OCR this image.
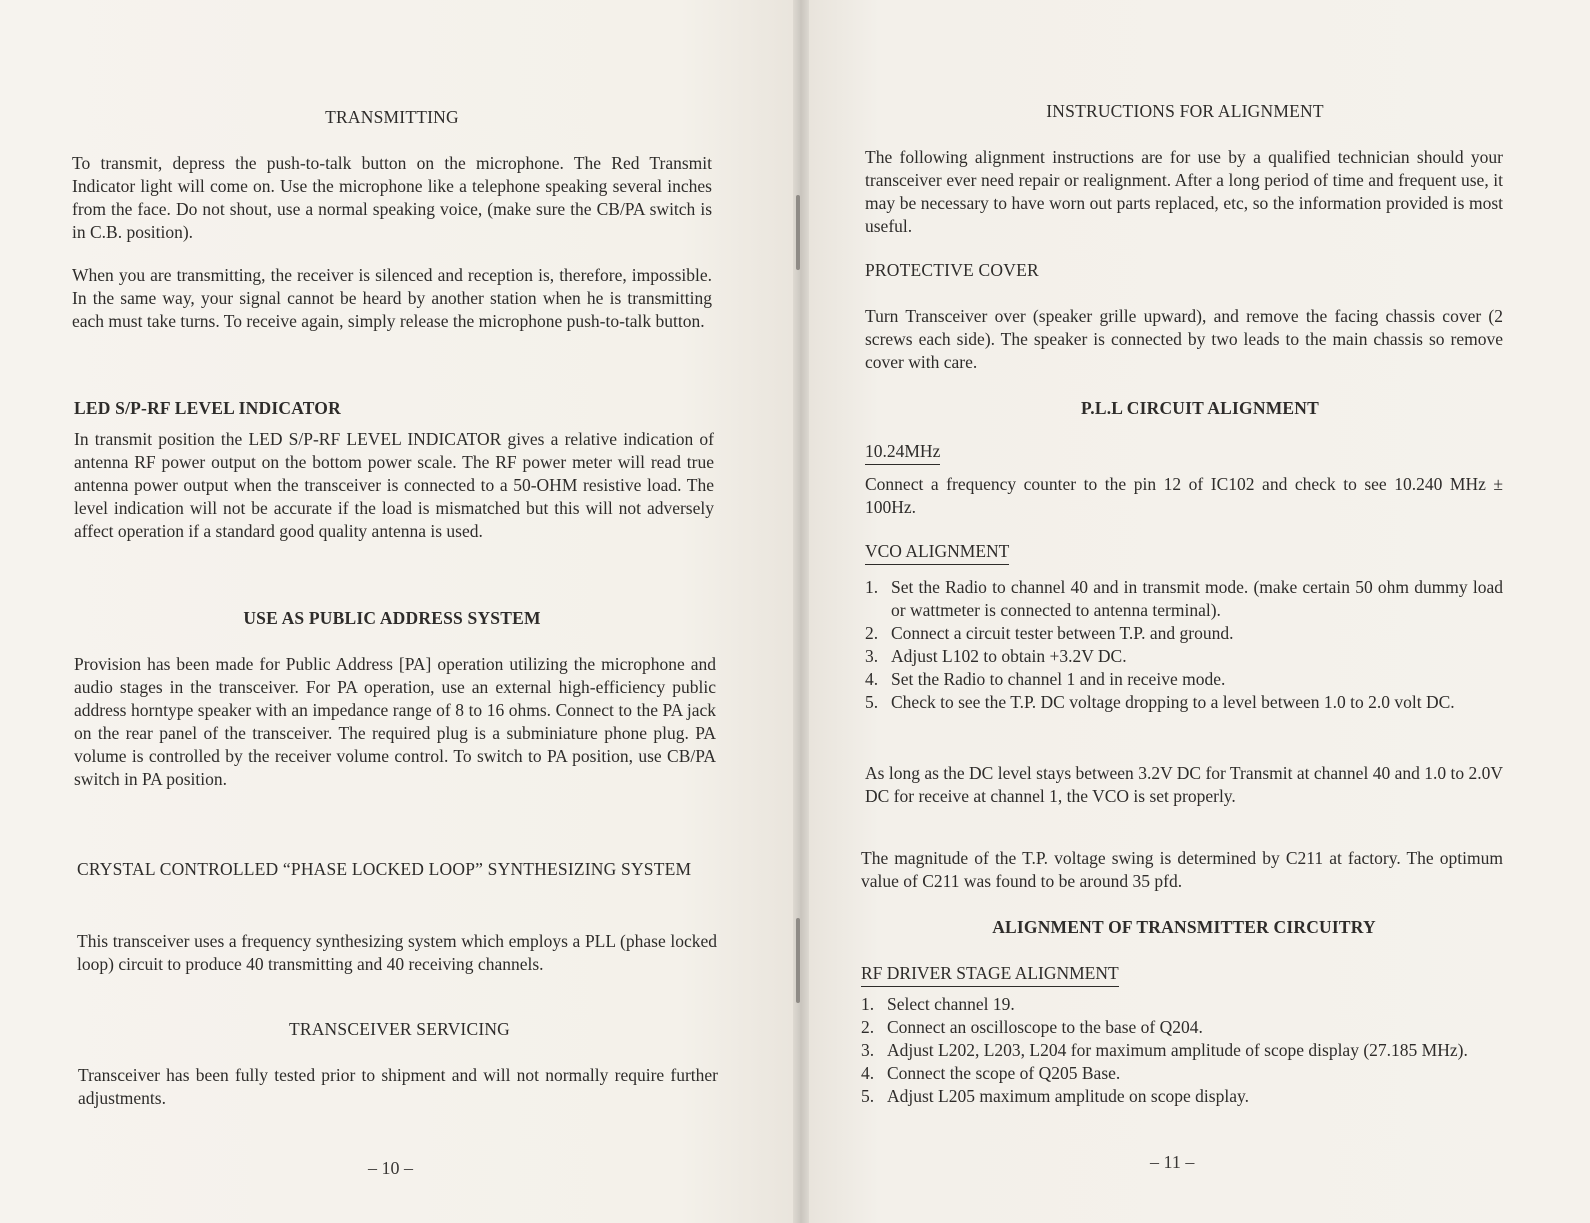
TRANSMITTING

To transmit, depress the push-to-talk button on the microphone. The Red Transmit Indicator light will come on. Use the microphone like a telephone speaking several inches from the face. Do not shout, use a normal speaking voice, (make sure the CB/PA switch is in C.B. position).

When you are transmitting, the receiver is silenced and reception is, therefore, impossible. In the same way, your signal cannot be heard by another station when he is transmitting each must take turns. To receive again, simply release the microphone push-to-talk button.

LED S/P-RF LEVEL INDICATOR

In transmit position the LED S/P-RF LEVEL INDICATOR gives a relative indication of antenna RF power output on the bottom power scale. The RF power meter will read true antenna power output when the transceiver is connected to a 50-OHM resistive load. The level indication will not be accurate if the load is mismatched but this will not adversely affect operation if a standard good quality antenna is used.

USE AS PUBLIC ADDRESS SYSTEM

Provision has been made for Public Address [PA] operation utilizing the microphone and audio stages in the transceiver. For PA operation, use an external high-efficiency public address horntype speaker with an impedance range of 8 to 16 ohms. Connect to the PA jack on the rear panel of the transceiver. The required plug is a subminiature phone plug. PA volume is controlled by the receiver volume control. To switch to PA position, use CB/PA switch in PA position.

CRYSTAL CONTROLLED “PHASE LOCKED LOOP” SYNTHESIZING SYSTEM

This transceiver uses a frequency synthesizing system which employs a PLL (phase locked loop) circuit to produce 40 transmitting and 40 receiving channels.

TRANSCEIVER SERVICING

Transceiver has been fully tested prior to shipment and will not normally require further adjustments.

– 10 –
INSTRUCTIONS FOR ALIGNMENT

The following alignment instructions are for use by a qualified technician should your transceiver ever need repair or realignment. After a long period of time and frequent use, it may be necessary to have worn out parts replaced, etc, so the information provided is most useful.

PROTECTIVE COVER

Turn Transceiver over (speaker grille upward), and remove the facing chassis cover (2 screws each side). The speaker is connected by two leads to the main chassis so remove cover with care.

P.L.L CIRCUIT ALIGNMENT
10.24MHz

Connect a frequency counter to the pin 12 of IC102 and check to see 10.240 MHz ± 100Hz.

VCO ALIGNMENT
1. Set the Radio to channel 40 and in transmit mode. (make certain 50 ohm dummy load or wattmeter is connected to antenna terminal).
2. Connect a circuit tester between T.P. and ground.
3. Adjust L102 to obtain +3.2V DC.
4. Set the Radio to channel 1 and in receive mode.
5. Check to see the T.P. DC voltage dropping to a level between 1.0 to 2.0 volt DC.

As long as the DC level stays between 3.2V DC for Transmit at channel 40 and 1.0 to 2.0V DC for receive at channel 1, the VCO is set properly.

The magnitude of the T.P. voltage swing is determined by C211 at factory. The optimum value of C211 was found to be around 35 pfd.

ALIGNMENT OF TRANSMITTER CIRCUITRY
RF DRIVER STAGE ALIGNMENT
1. Select channel 19.
2. Connect an oscilloscope to the base of Q204.
3. Adjust L202, L203, L204 for maximum amplitude of scope display (27.185 MHz).
4. Connect the scope of Q205 Base.
5. Adjust L205 maximum amplitude on scope display.
– 11 –
